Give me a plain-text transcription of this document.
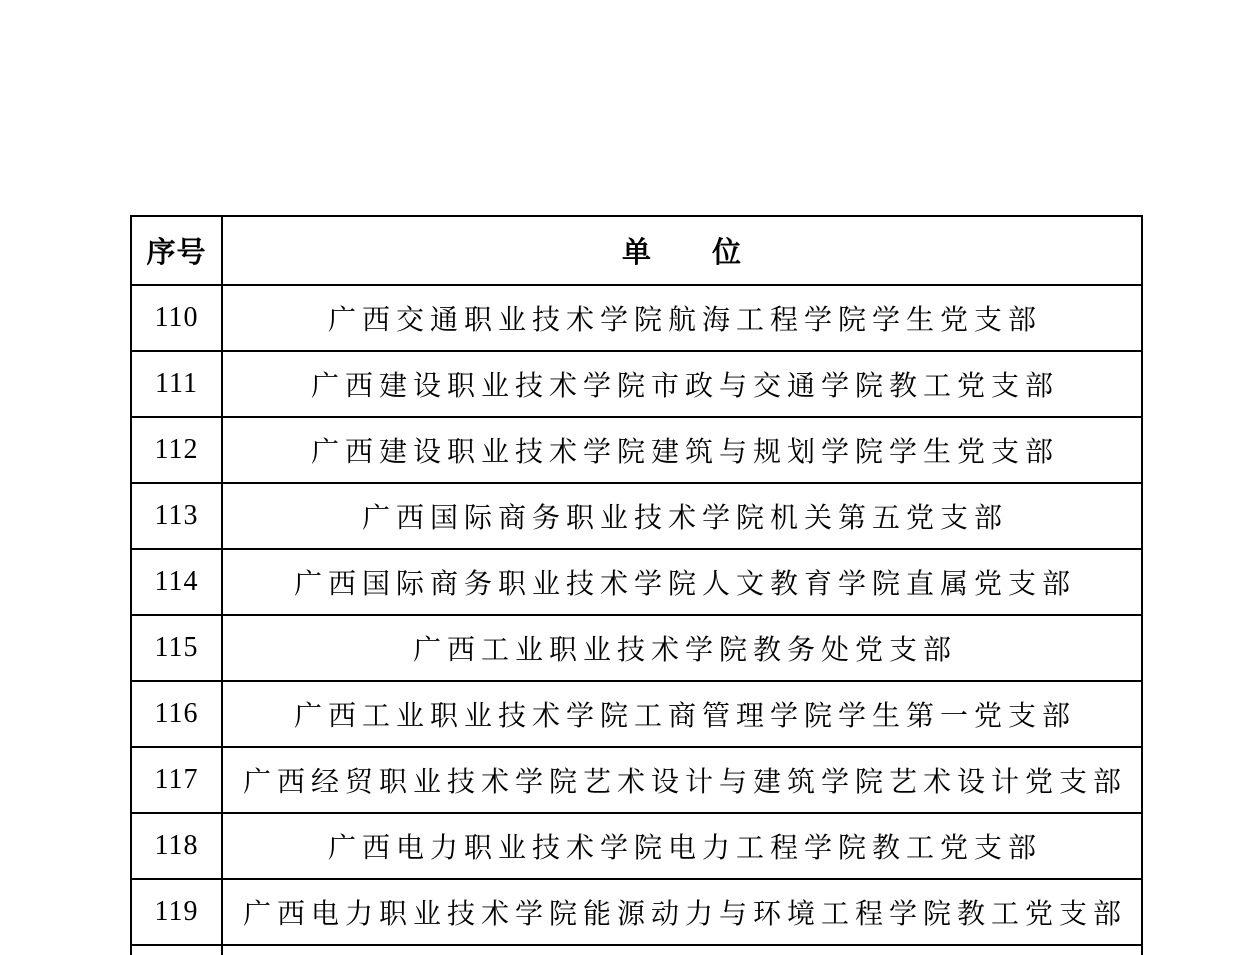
序号	单　　位
110	广西交通职业技术学院航海工程学院学生党支部
111	广西建设职业技术学院市政与交通学院教工党支部
112	广西建设职业技术学院建筑与规划学院学生党支部
113	广西国际商务职业技术学院机关第五党支部
114	广西国际商务职业技术学院人文教育学院直属党支部
115	广西工业职业技术学院教务处党支部
116	广西工业职业技术学院工商管理学院学生第一党支部
117	广西经贸职业技术学院艺术设计与建筑学院艺术设计党支部
118	广西电力职业技术学院电力工程学院教工党支部
119	广西电力职业技术学院能源动力与环境工程学院教工党支部
